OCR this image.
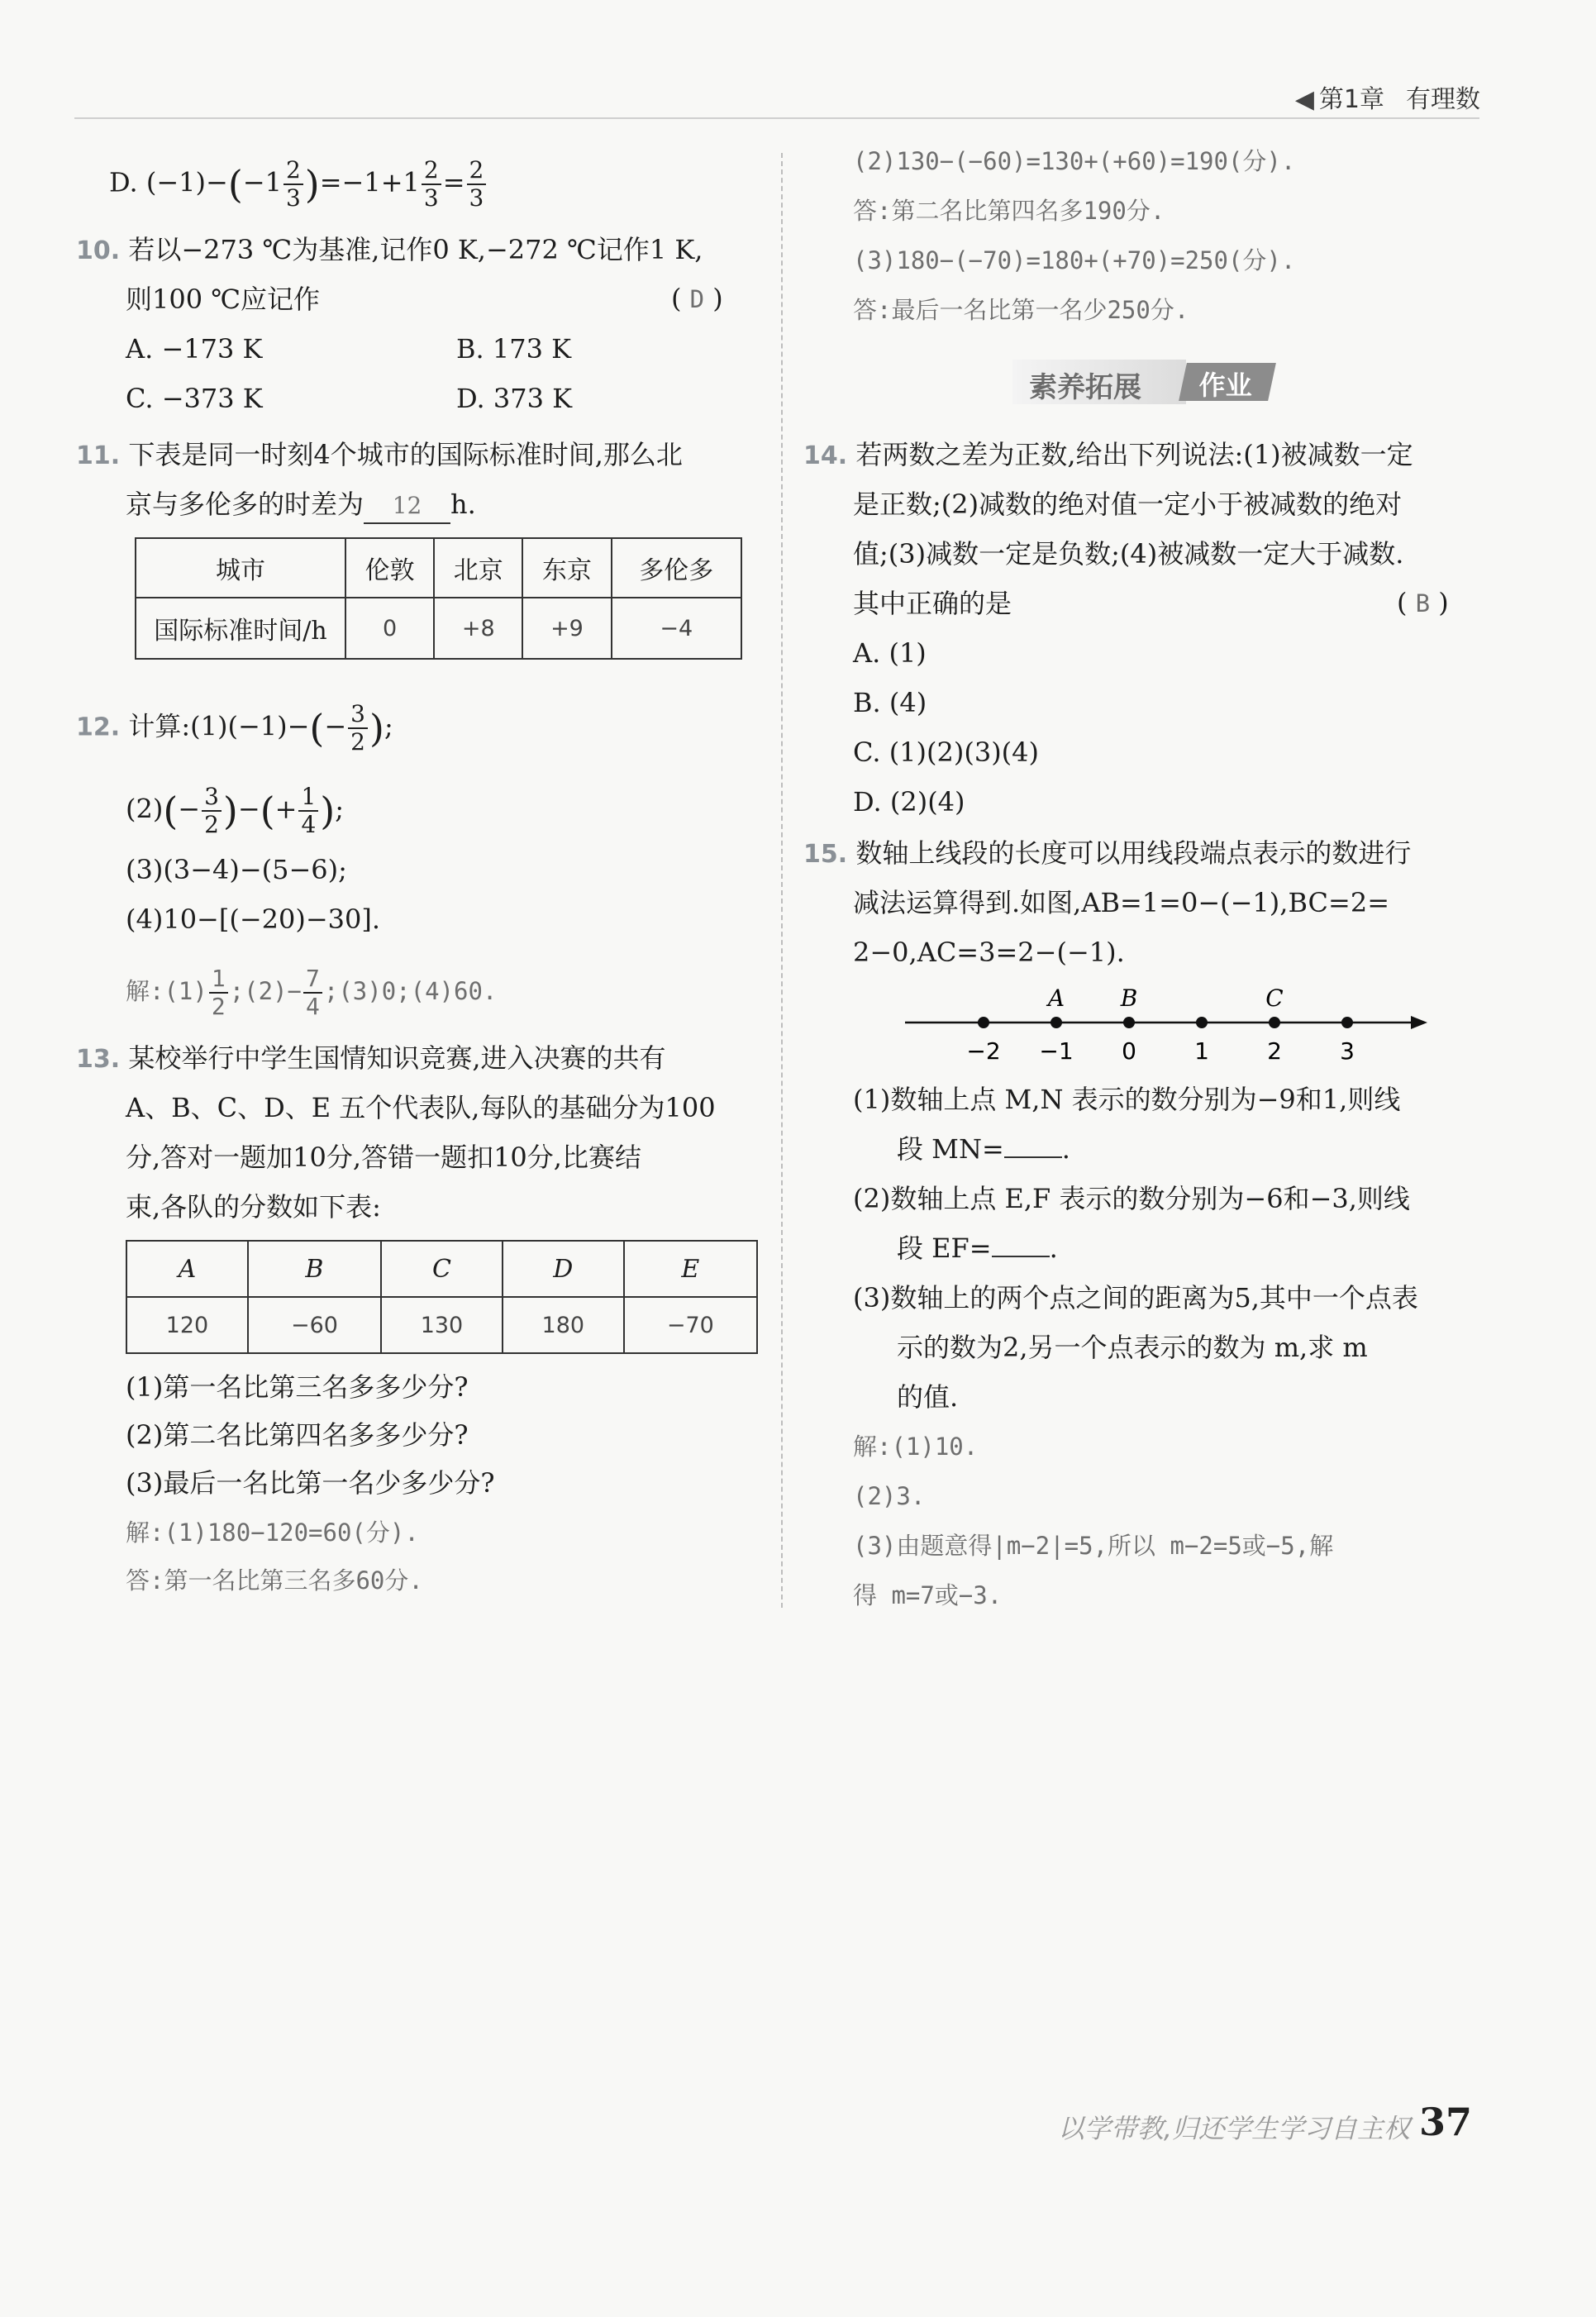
◀ 第1章 有理数
D. $(-1)-(-1 \frac{2}{3} )=-1+1 \frac{2}{3} = \frac{2}{3}$
10. 若以−273 ℃为基准,记作0 K,−272 ℃记作1 K,
则100 ℃应记作	( D )
A. −173 K	B. 173 K
C. −373 K	D. 373 K
11. 下表是同一时刻4个城市的国际标准时间,那么北
京与多伦多的时差为 12 h.
城市	伦敦	北京	东京	多伦多
国际标准时间/h	0	+8	+9	−4
12. 计算:(1)(−1)−(− $\frac{3}{2}$ );
$(2)(- \frac{3}{2}$ )−(+ $\frac{1}{4}$ );
(3)(3−4)−(5−6);
(4)10−[(−20)−30].
解:(1) $\frac{1}{2}$ ;(2)− $\frac{7}{4}$ ;(3)0;(4)60.
13. 某校举行中学生国情知识竞赛,进入决赛的共有
A、B、C、D、E 五个代表队,每队的基础分为100
分,答对一题加10分,答错一题扣10分,比赛结
束,各队的分数如下表:
A	B	C	D	E
120	−60	130	180	−70
(1)第一名比第三名多多少分?
(2)第二名比第四名多多少分?
(3)最后一名比第一名少多少分?
解:(1)180−120=60(分).
答:第一名比第三名多60分.
(2)130−(−60)=130+(+60)=190(分).
答:第二名比第四名多190分.
(3)180−(−70)=180+(+70)=250(分).
答:最后一名比第一名少250分.
素养拓展 作业
14. 若两数之差为正数,给出下列说法:(1)被减数一定
是正数;(2)减数的绝对值一定小于被减数的绝对
值;(3)减数一定是负数;(4)被减数一定大于减数.
其中正确的是	( B )
A. (1)
B. (4)
C. (1)(2)(3)(4)
D. (2)(4)
15. 数轴上线段的长度可以用线段端点表示的数进行
减法运算得到.如图,AB=1=0−(−1),BC=2=
2−0,AC=3=2−(−1).
−2 −1 0	1	2	3
A B	C
(1)数轴上点 M,N 表示的数分别为−9和1,则线
段 MN= .
(2)数轴上点 E,F 表示的数分别为−6和−3,则线
段 EF= .
(3)数轴上的两个点之间的距离为5,其中一个点表
示的数为2,另一个点表示的数为 m,求 m
的值.
解:(1)10.
(2)3.
(3)由题意得|m−2|=5,所以 m−2=5或−5,解
得 m=7或−3.
以学带教,归还学生学习自主权 37
